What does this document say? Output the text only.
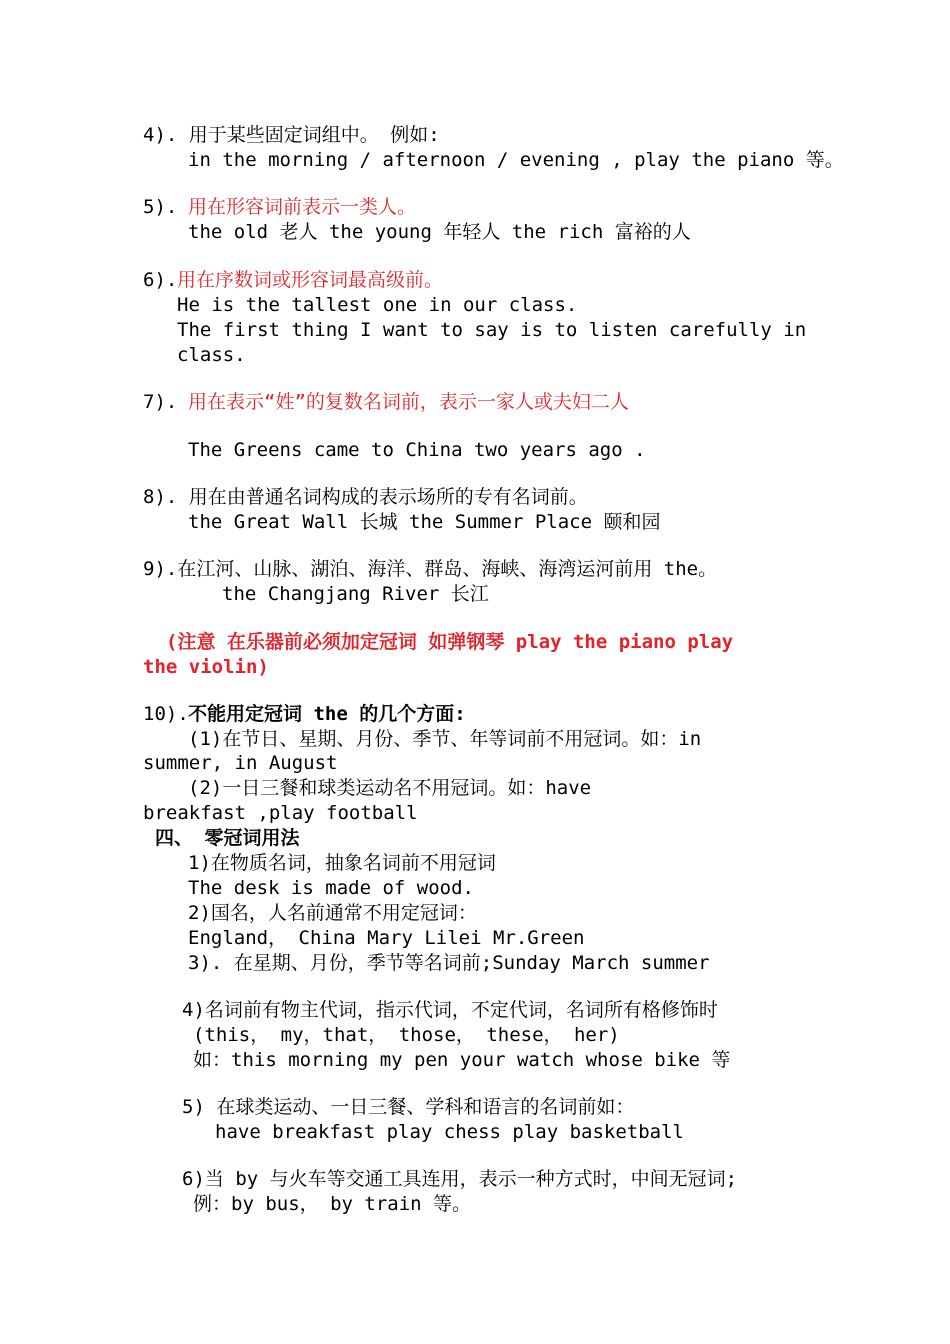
4). 用于某些固定词组中。 例如:
in the morning / afternoon / evening , play the piano 等。
5). 用在形容词前表示一类人。
the old 老人 the young 年轻人 the rich 富裕的人
6). 用在序数词或形容词最高级前。
He is the tallest one in our class.
The first thing I want to say is to listen carefully in
class.
7). 用在表示“姓”的复数名词前，表示一家人或夫妇二人
The Greens came to China two years ago .
8). 用在由普通名词构成的表示场所的专有名词前。
the Great Wall 长城 the Summer Place 颐和园
9).在江河、山脉、湖泊、海洋、群岛、海峡、海湾运河前用 the。
the Changjang River 长江
(注意 在乐器前必须加定冠词 如弹钢琴 play the piano play
the violin)
10). 不能用定冠词 the 的几个方面:
(1)在节日、星期、月份、季节、年等词前不用冠词。如：in
summer, in August
(2)一日三餐和球类运动名不用冠词。如：have
breakfast ,play football
四、 零冠词用法
1)在物质名词，抽象名词前不用冠词
The desk is made of wood.
2)国名，人名前通常不用定冠词：
England， China Mary Lilei Mr.Green
3). 在星期、月份，季节等名词前;Sunday March summer
4)名词前有物主代词，指示代词，不定代词，名词所有格修饰时
(this， my，that， those， these， her)
如：this morning my pen your watch whose bike 等
5) 在球类运动、一日三餐、学科和语言的名词前如：
have breakfast play chess play basketball
6)当 by 与火车等交通工具连用，表示一种方式时，中间无冠词;
例：by bus， by train 等。
